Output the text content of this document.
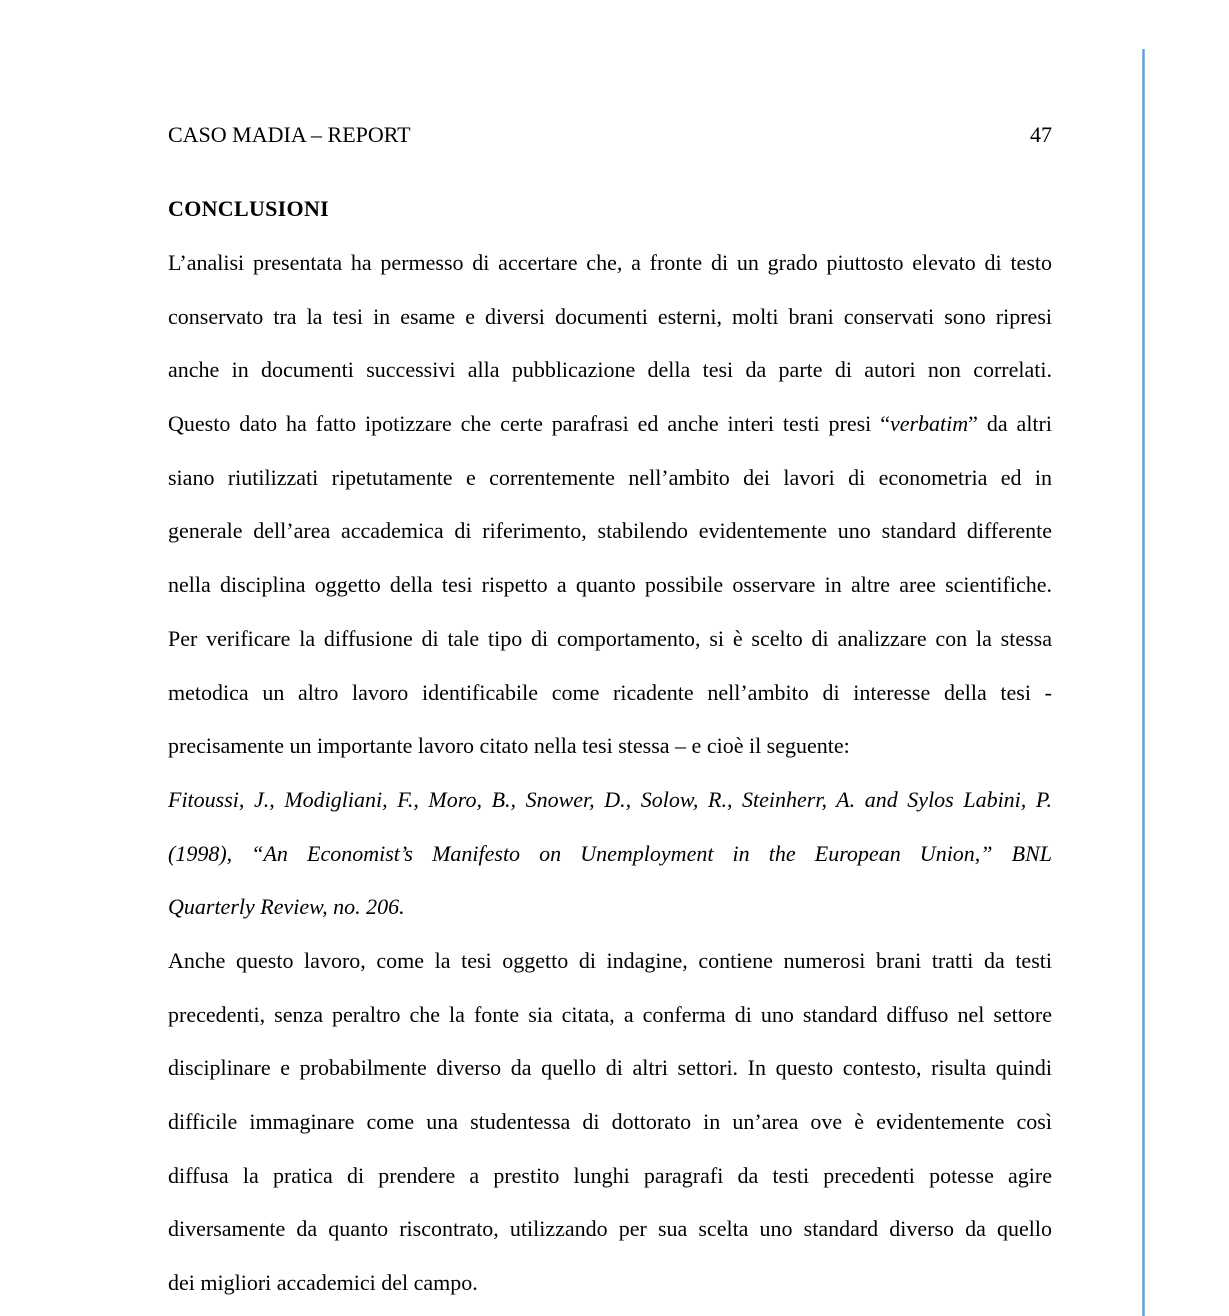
CASO MADIA – REPORT	47
CONCLUSIONI
L’analisi presentata ha permesso di accertare che, a fronte di un grado piuttosto elevato di testo
conservato tra la tesi in esame e diversi documenti esterni, molti brani conservati sono ripresi
anche in documenti successivi alla pubblicazione della tesi da parte di autori non correlati.
Questo dato ha fatto ipotizzare che certe parafrasi ed anche interi testi presi “verbatim” da altri
siano riutilizzati ripetutamente e correntemente nell’ambito dei lavori di econometria ed in
generale dell’area accademica di riferimento, stabilendo evidentemente uno standard differente
nella disciplina oggetto della tesi rispetto a quanto possibile osservare in altre aree scientifiche.
Per verificare la diffusione di tale tipo di comportamento, si è scelto di analizzare con la stessa
metodica un altro lavoro identificabile come ricadente nell’ambito di interesse della tesi -
precisamente un importante lavoro citato nella tesi stessa – e cioè il seguente:
Fitoussi, J., Modigliani, F., Moro, B., Snower, D., Solow, R., Steinherr, A. and Sylos Labini, P.
(1998), “An Economist’s Manifesto on Unemployment in the European Union,” BNL
Quarterly Review, no. 206.
Anche questo lavoro, come la tesi oggetto di indagine, contiene numerosi brani tratti da testi
precedenti, senza peraltro che la fonte sia citata, a conferma di uno standard diffuso nel settore
disciplinare e probabilmente diverso da quello di altri settori. In questo contesto, risulta quindi
difficile immaginare come una studentessa di dottorato in un’area ove è evidentemente così
diffusa la pratica di prendere a prestito lunghi paragrafi da testi precedenti potesse agire
diversamente da quanto riscontrato, utilizzando per sua scelta uno standard diverso da quello
dei migliori accademici del campo.
